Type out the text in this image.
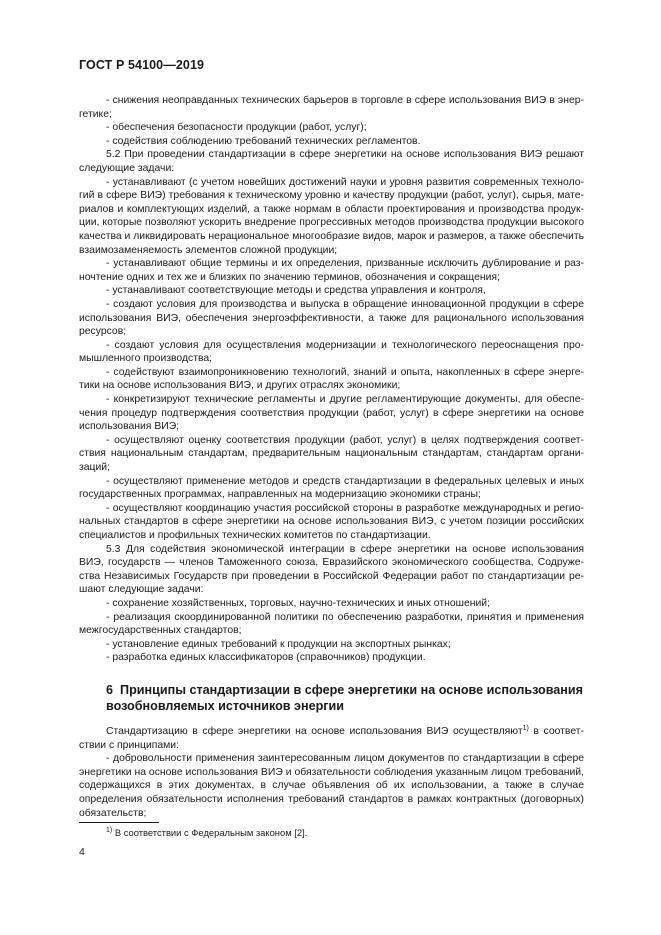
ГОСТ Р 54100—2019

- снижения неоправданных технических барьеров в торговле в сфере использования ВИЭ в энергетике;

- обеспечения безопасности продукции (работ, услуг);

- содействия соблюдению требований технических регламентов.

5.2 При проведении стандартизации в сфере энергетики на основе использования ВИЭ решают следующие задачи:

- устанавливают (с учетом новейших достижений науки и уровня развития современных технологий в сфере ВИЭ) требования к техническому уровню и качеству продукции (работ, услуг), сырья, материалов и комплектующих изделий, а также нормам в области проектирования и производства продукции, которые позволяют ускорить внедрение прогрессивных методов производства продукции высокого качества и ликвидировать нерациональное многообразие видов, марок и размеров, а также обеспечить взаимозаменяемость элементов сложной продукции;

- устанавливают общие термины и их определения, призванные исключить дублирование и разночтение одних и тех же и близких по значению терминов, обозначения и сокращения;

- устанавливают соответствующие методы и средства управления и контроля,

- создают условия для производства и выпуска в обращение инновационной продукции в сфере использования ВИЭ, обеспечения энергоэффективности, а также для рационального использования ресурсов;

- создают условия для осуществления модернизации и технологического переоснащения промышленного производства;

- содействуют взаимопроникновению технологий, знаний и опыта, накопленных в сфере энергетики на основе использования ВИЭ, и других отраслях экономики;

- конкретизируют технические регламенты и другие регламентирующие документы, для обеспечения процедур подтверждения соответствия продукции (работ, услуг) в сфере энергетики на основе использования ВИЭ;

- осуществляют оценку соответствия продукции (работ, услуг) в целях подтверждения соответствия национальным стандартам, предварительным национальным стандартам, стандартам организаций;

- осуществляют применение методов и средств стандартизации в федеральных целевых и иных государственных программах, направленных на модернизацию экономики страны;

- осуществляют координацию участия российской стороны в разработке международных и региональных стандартов в сфере энергетики на основе использования ВИЭ, с учетом позиции российских специалистов и профильных технических комитетов по стандартизации.

5.3 Для содействия экономической интеграции в сфере энергетики на основе использования ВИЭ, государств — членов Таможенного союза, Евразийского экономического сообщества, Содружества Независимых Государств при проведении в Российской Федерации работ по стандартизации решают следующие задачи:

- сохранение хозяйственных, торговых, научно-технических и иных отношений;

- реализация скоординированной политики по обеспечению разработки, принятия и применения межгосударственных стандартов;

- установление единых требований к продукции на экспортных рынках;

- разработка единых классификаторов (справочников) продукции.

6 Принципы стандартизации в сфере энергетики на основе использования возобновляемых источников энергии

Стандартизацию в сфере энергетики на основе использования ВИЭ осуществляют$^{1)}$ в соответствии с принципами:

- добровольности применения заинтересованным лицом документов по стандартизации в сфере энергетики на основе использования ВИЭ и обязательности соблюдения указанным лицом требований, содержащихся в этих документах, в случае объявления об их использовании, а также в случае определения обязательности исполнения требований стандартов в рамках контрактных (договорных) обязательств;

$^{1)}$ В соответствии с Федеральным законом [2].
4
